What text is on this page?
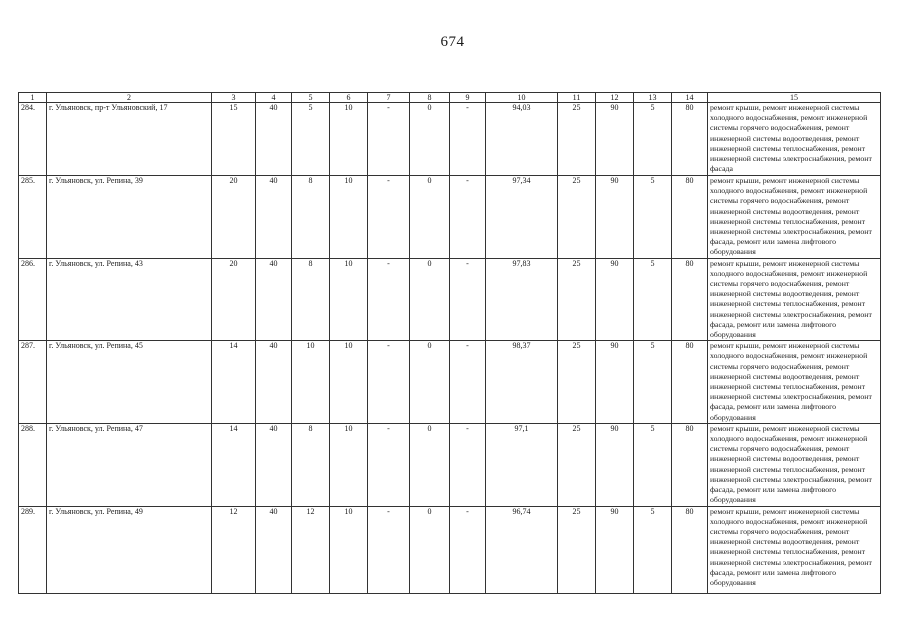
674
1	2	3	4	5	6	7	8	9	10	11	12	13	14	15
284.	г. Ульяновск, пр-т Ульяновский, 17	15	40	5	10	-	0	-	94,03	25	90	5	80	ремонт крыши, ремонт инженерной системы холодного водоснабжения, ремонт инженерной системы горячего водоснабжения, ремонт инженерной системы водоотведения, ремонт инженерной системы теплоснабжения, ремонт инженерной системы электроснабжения, ремонт фасада
285.	г. Ульяновск, ул. Репина, 39	20	40	8	10	-	0	-	97,34	25	90	5	80	ремонт крыши, ремонт инженерной системы холодного водоснабжения, ремонт инженерной системы горячего водоснабжения, ремонт инженерной системы водоотведения, ремонт инженерной системы теплоснабжения, ремонт инженерной системы электроснабжения, ремонт фасада, ремонт или замена лифтового оборудования
286.	г. Ульяновск, ул. Репина, 43	20	40	8	10	-	0	-	97,83	25	90	5	80	ремонт крыши, ремонт инженерной системы холодного водоснабжения, ремонт инженерной системы горячего водоснабжения, ремонт инженерной системы водоотведения, ремонт инженерной системы теплоснабжения, ремонт инженерной системы электроснабжения, ремонт фасада, ремонт или замена лифтового оборудования
287.	г. Ульяновск, ул. Репина, 45	14	40	10	10	-	0	-	98,37	25	90	5	80	ремонт крыши, ремонт инженерной системы холодного водоснабжения, ремонт инженерной системы горячего водоснабжения, ремонт инженерной системы водоотведения, ремонт инженерной системы теплоснабжения, ремонт инженерной системы электроснабжения, ремонт фасада, ремонт или замена лифтового оборудования
288.	г. Ульяновск, ул. Репина, 47	14	40	8	10	-	0	-	97,1	25	90	5	80	ремонт крыши, ремонт инженерной системы холодного водоснабжения, ремонт инженерной системы горячего водоснабжения, ремонт инженерной системы водоотведения, ремонт инженерной системы теплоснабжения, ремонт инженерной системы электроснабжения, ремонт фасада, ремонт или замена лифтового оборудования
289.	г. Ульяновск, ул. Репина, 49	12	40	12	10	-	0	-	96,74	25	90	5	80	ремонт крыши, ремонт инженерной системы холодного водоснабжения, ремонт инженерной системы горячего водоснабжения, ремонт инженерной системы водоотведения, ремонт инженерной системы теплоснабжения, ремонт инженерной системы электроснабжения, ремонт фасада, ремонт или замена лифтового оборудования
